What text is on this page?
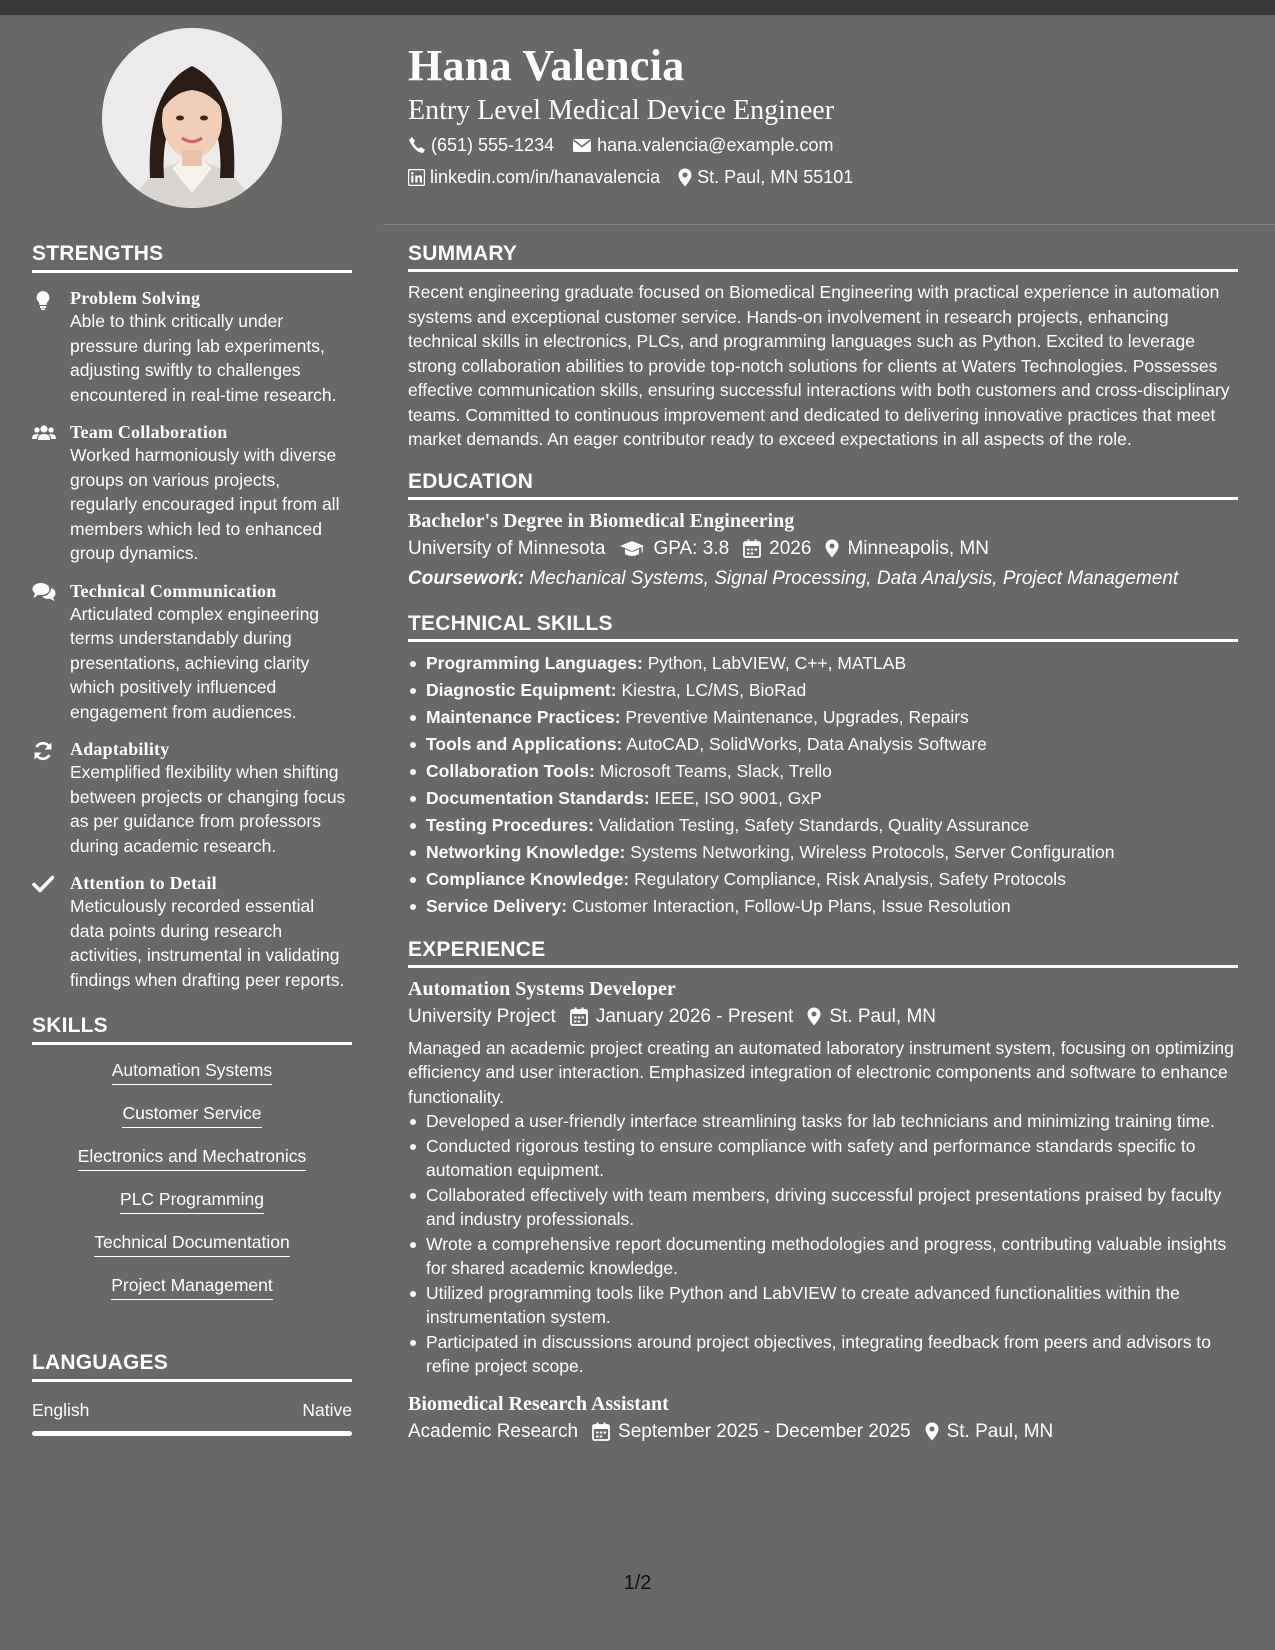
STRENGTHS
Problem Solving
Able to think critically under pressure during lab experiments, adjusting swiftly to challenges encountered in real-time research.
Team Collaboration
Worked harmoniously with diverse groups on various projects, regularly encouraged input from all members which led to enhanced group dynamics.
Technical Communication
Articulated complex engineering terms understandably during presentations, achieving clarity which positively influenced engagement from audiences.
Adaptability
Exemplified flexibility when shifting between projects or changing focus as per guidance from professors during academic research.
Attention to Detail
Meticulously recorded essential data points during research activities, instrumental in validating findings when drafting peer reports.
SKILLS
Automation Systems
Customer Service
Electronics and Mechatronics
PLC Programming
Technical Documentation
Project Management
LANGUAGES
English	Native
Hana Valencia
Entry Level Medical Device Engineer
(651) 555-1234 hana.valencia@example.com
linkedin.com/in/hanavalencia St. Paul, MN 55101
SUMMARY
Recent engineering graduate focused on Biomedical Engineering with practical experience in automation systems and exceptional customer service. Hands-on involvement in research projects, enhancing technical skills in electronics, PLCs, and programming languages such as Python. Excited to leverage strong collaboration abilities to provide top-notch solutions for clients at Waters Technologies. Possesses effective communication skills, ensuring successful interactions with both customers and cross-disciplinary teams. Committed to continuous improvement and dedicated to delivering innovative practices that meet market demands. An eager contributor ready to exceed expectations in all aspects of the role.
EDUCATION
Bachelor's Degree in Biomedical Engineering
University of Minnesota	GPA: 3.8 2026 Minneapolis, MN
Coursework: Mechanical Systems, Signal Processing, Data Analysis, Project Management
TECHNICAL SKILLS
Programming Languages: Python, LabVIEW, C++, MATLAB
Diagnostic Equipment: Kiestra, LC/MS, BioRad
Maintenance Practices: Preventive Maintenance, Upgrades, Repairs
Tools and Applications: AutoCAD, SolidWorks, Data Analysis Software
Collaboration Tools: Microsoft Teams, Slack, Trello
Documentation Standards: IEEE, ISO 9001, GxP
Testing Procedures: Validation Testing, Safety Standards, Quality Assurance
Networking Knowledge: Systems Networking, Wireless Protocols, Server Configuration
Compliance Knowledge: Regulatory Compliance, Risk Analysis, Safety Protocols
Service Delivery: Customer Interaction, Follow-Up Plans, Issue Resolution
EXPERIENCE
Automation Systems Developer
University Project January 2026 - Present St. Paul, MN
Managed an academic project creating an automated laboratory instrument system, focusing on optimizing efficiency and user interaction. Emphasized integration of electronic components and software to enhance functionality.
Developed a user-friendly interface streamlining tasks for lab technicians and minimizing training time.
Conducted rigorous testing to ensure compliance with safety and performance standards specific to automation equipment.
Collaborated effectively with team members, driving successful project presentations praised by faculty and industry professionals.
Wrote a comprehensive report documenting methodologies and progress, contributing valuable insights for shared academic knowledge.
Utilized programming tools like Python and LabVIEW to create advanced functionalities within the instrumentation system.
Participated in discussions around project objectives, integrating feedback from peers and advisors to refine project scope.
Biomedical Research Assistant
Academic Research September 2025 - December 2025 St. Paul, MN
1/2
